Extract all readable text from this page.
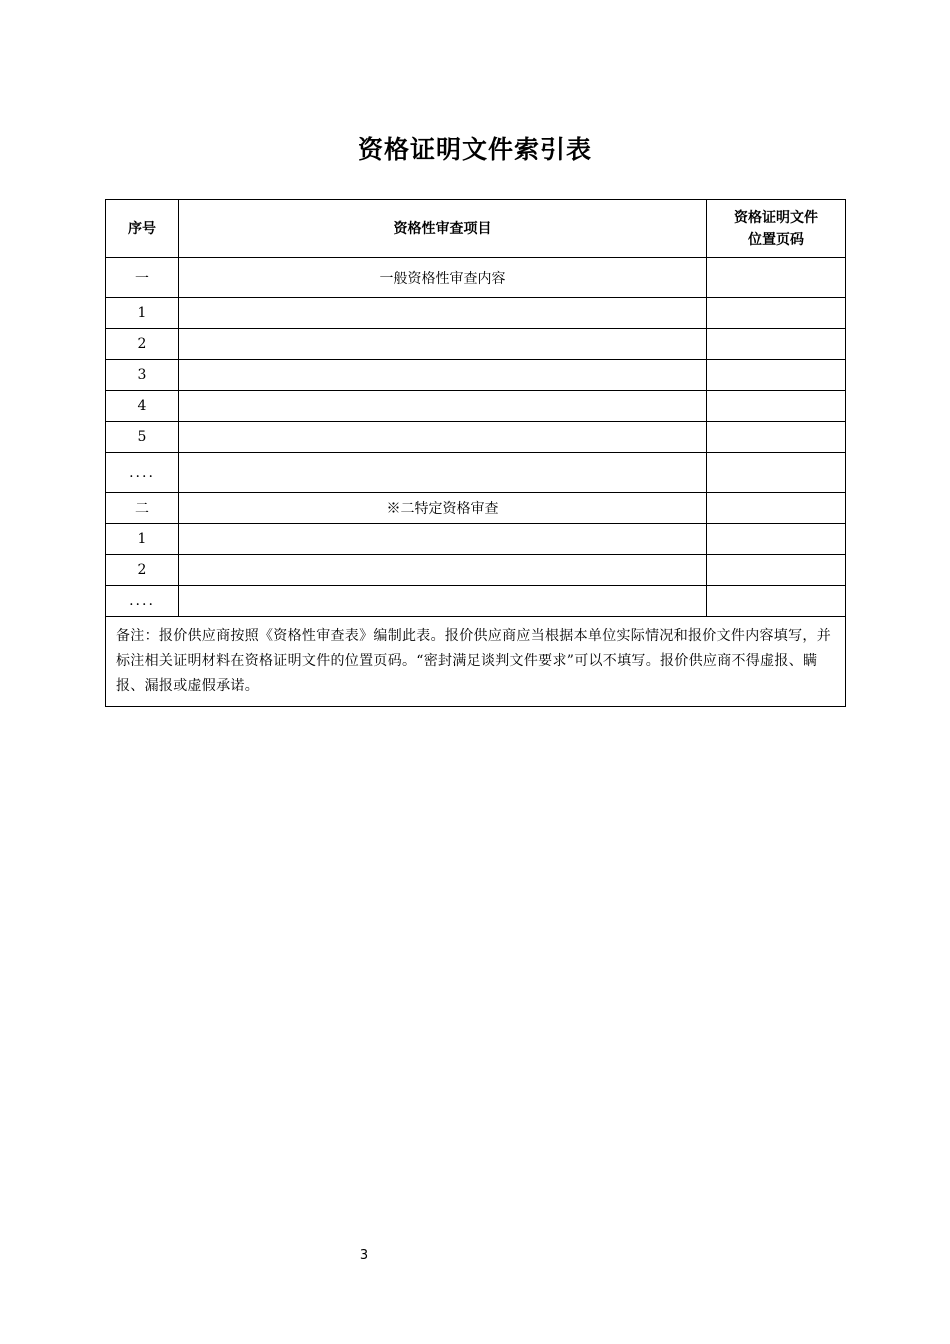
资格证明文件索引表
序号	资格性审查项目	资格证明文件
位置页码
一	一般资格性审查内容	
1		
2		
3		
4		
5		
....		
二	※二特定资格审查	
1		
2		
....		
备注：报价供应商按照《资格性审查表》编制此表。报价供应商应当根据本单位实际情况和报价文件内容填写，并标注相关证明材料在资格证明文件的位置页码。“密封满足谈判文件要求”可以不填写。报价供应商不得虚报、瞒报、漏报或虚假承诺。		
3
